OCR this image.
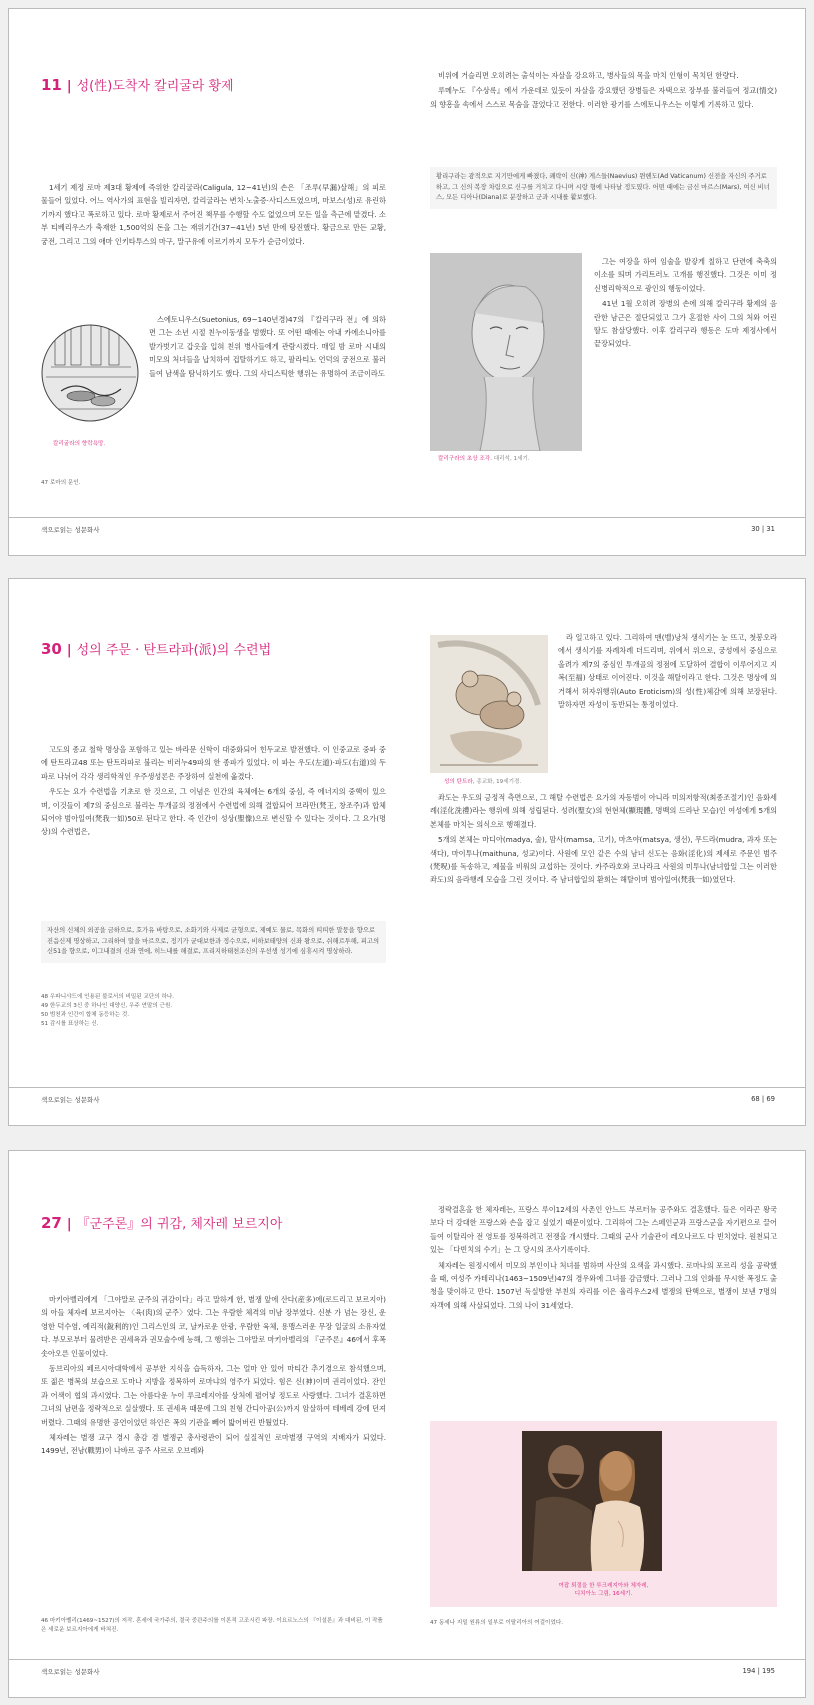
11 | 성(性)도착자 칼리굴라 황제

1세기 제정 로마 제3대 황제에 즉위한 칼리굴라(Caligula, 12~41년)의 손은 「조루(早漏)살해」의 피로 물들어 있었다. 어느 역사가의 표현을 빌리자면, 칼리굴라는 변치·노출증·사디스트였으며, 마보스(성)로 유린하기까지 했다고 폭로하고 있다. 로마 황제로서 주어진 책무를 수행할 수도 없었으며 모든 일을 측근에 맡겼다. 소부 티베리우스가 축재한 1,500억의 돈을 그는 재위기간(37~41년) 5년 만에 탕진했다. 황금으로 만든 교황, 궁전, 그리고 그의 애마 인키타투스의 마구, 말구유에 이르기까지 모두가 순금이었다.

스에토니우스(Suetonius, 69~140년경)47의 『칼리구라 전』에 의하면 그는 소년 시절 친누이동생을 범했다. 또 어떤 때에는 아내 카에소니아를 발가벗기고 갑옷을 입혀 친위 병사들에게 관람시켰다. 매일 밤 로마 시내의 미모의 처녀들을 납치하여 겁탈하기도 하고, 팔라티노 언덕의 궁전으로 불러들여 남색을 탐닉하기도 했다. 그의 사디스틱한 행위는 유명하여 조금이라도

칼리굴라의 향락욕망.
47 로마의 문인.

비위에 거슬리면 오히려는 출석이는 자살을 강요하고, 병사들의 목을 마치 인형이 목치던 한량다.

루메누도 『수상록』에서 가운데로 있듯이 자살을 강요했던 장병들은 자택으로 장부를 불러들여 정교(情交)의 향흥을 속에서 스스로 목숨을 끊었다고 전한다. 이러한 광기를 스에토니우스는 이렇게 기록하고 있다.

황리구라는 광적으로 지기만에게 빠졌다, 쾌락이 신(神) 게스들(Naevius) 뮌헨도(Ad Vaticanum) 신전을 자신의 주거로 하고, 그 신의 복장 차림으로 신구를 거치고 다니며 시랑 형에 나타날 정도였다. 어떤 때에는 금신 마르스(Mars), 여신 비너스, 모든 디아나(Diana)로 분장하고 군과 시내를 활보했다.
칼리구라의 초상 조각. 대리석, 1세기.

그는 여장을 하여 임술을 발갛게 칠하고 단련에 축축의 이소를 띄며 가리트러노 고개를 행진했다. 그것은 이미 정신병리학적으로 광인의 행동이었다.

41년 1월 오히려 장병의 손에 의해 칼리구라 황제의 음란한 남근은 절단되었고 그가 혼절한 사이 그의 처와 어린 딸도 참살당했다. 이후 칼리구라 행동은 도마 제정사에서 끝장되었다.

색으로읽는 성문화사	30 | 31
30 | 성의 주문 · 탄트라파(派)의 수련법

고도의 종교 철학 명상을 포함하고 있는 바라문 신학이 대중화되어 힌두교로 발전했다. 이 인중교로 중파 중에 탄트라교48 또는 탄트라파로 불리는 비러누49파의 한 종파가 있었다. 이 파는 우도(左道)·파도(右道)의 두 파로 나뉘어 각각 생리학적인 우주생성론은 주장하여 실천에 옮겼다.

우도는 요가 수련법을 기초로 한 것으로, 그 이념은 인간의 육체에는 6개의 중심, 즉 에너지의 중핵이 있으며, 이것들이 제7의 중심으로 불리는 투개골의 정점에서 수련법에 의해 결합되어 브라만(梵王, 창조주)과 합체되어야 범아일여(梵我一如)50로 된다고 한다. 즉 인간이 성상(聖像)으로 변신할 수 있다는 것이다. 그 요가(명상)의 수련법은,

자산의 신체의 외공을 금하으로, 호가유 바탕으로, 소화기와 사제로 균형으로, 제예도 물로, 목화의 띠띠한 말뭉을 향으로 진음신제 명상하고, 그리하여 말을 마르으로, 정기가 균대보한과 정수으로, 비하보태양의 신좌 왕으로, 쉬해르투해, 피고의 신51을 향으로, 이그내결의 신좌 연에, 히느내를 해결로, 프리지하태천조신의 우선생 성기에 심휴시켜 명상하라.
48 우파니샤드에 인용된 불로서의 비밀된 교단의 하나.
49 한두교의 3신 중 하나인 대양신, 우주 연말의 근원.
50 범천과 인간이 합체 동등하는 것.
51 감시를 표상하는 신.
성의 탄트라, 종교화, 19세기경.

라 일고하고 있다. 그리하여 맨(벨)낭처 생식기는 눈 뜨고, 첫봉오라에서 생식기를 자례차례 더드리며, 위에서 위으로, 궁성에서 중심으로 올려가 제7의 중심인 투개골의 정점에 도달하여 결합이 이루어지고 지복(至福) 상태로 이어진다. 이것을 해탈이라고 한다. 그것은 명상에 의거해서 허자위행위(Auto Eroticism)의 성(性)체감에 의해 보장된다. 말하자면 자성이 동반되는 통정이었다.

좌도는 우도의 긍정적 측면으로, 그 해탈 수련법은 요가의 자동범이 아니라 미의저항적(최종조절기)인 음화세례(淫化洗禮)라는 행위에 의해 성립된다. 성려(聖女)의 현현체(顯現體, 명백의 드라난 모습)인 여성에게 5개의 본체를 마치는 의식으로 행해졌다.

5개의 본체는 마디아(madya, 술), 맘사(mamsa, 고기), 마츠야(matsya, 생선), 무드라(mudra, 과자 또는 색다), 마이투나(maithuna, 성교)이다. 사원에 모인 같은 수의 남녀 신도는 음화(淫化)의 제세로 주문인 범주(梵呪)를 독송하고, 제물을 비워의 교섭하는 것이다. 카주라호와 코나라크 사원의 미투나(남녀합일 그는 이러한 좌도)의 음라행례 모습을 그린 것이다. 즉 남녀합일의 환희는 해탈이며 범아일여(梵我一如)였던다.

색으로읽는 성문화사	68 | 69
27 | 『군주론』의 귀감, 체자레 보르지아

마키아벨리에게 「그야말로 군주의 귀감이다」라고 말하게 한, 별쟁 앞에 산다(産多)에(로드리고 보르지아)의 아들 체자레 보르지아는 〈육(肉)의 군주〉였다. 그는 우람한 체격의 미남 장부였다. 신분 가 넘는 장신, 운영한 덕수염, 예리적(銳利的)인 그리스인의 코, 날카로운 안광, 우람한 육체, 용맹스러운 무장 일굴의 소유자였다. 부모로부터 물려받은 권세욕과 권모술수에 능해, 그 행위는 그야말로 마키아벨리의 『군주론』46에서 후폭 솟아오른 인물이었다.

동브리아의 페르시아대학에서 공부한 지식을 습득하자, 그는 얼마 안 있어 마티간 추기경으로 참석했으며, 또 젊은 병복의 보습으로 도마나 지방을 정복하여 로마냐의 영주가 되었다. 힘은 신(神)이며 권리이었다. 잔인과 어색이 협의 과시였다. 그는 아름다운 누이 루크레지아를 상처에 펼어넣 정도로 사랑했다. 그녀가 결혼하면 그녀의 남편을 정략적으로 실살했다. 또 권세욕 때문에 그의 친형 간디아공(公)까지 암살하여 테베레 강에 던져버렸다. 그때의 유명한 공언이었던 하인은 폭의 기관을 뻬어 밟어버린 반퉜었다.

체자레는 별쟁 교구 경시 총감 겸 별쟁군 총사령관이 되어 실질적인 로마별쟁 구역의 지배자가 되었다. 1499년, 전남(戰男)이 나바르 공주 샤르로 오브레와

46 마키아벨리(1469~1527)의 저작. 혼세에 국가주의, 결국 중관주의를 이론적 고조시킨 파장. 이요르노스의 『이설론』과 대비된, 이 작품은 새로운 보르지아에게 바쳐진.

정략결혼을 한 체자레는, 프랑스 루이12세의 사촌인 안느드 부르터뉴 공주와도 결혼했다. 들은 이라곤 왕국보다 더 강대한 프랑스와 손을 잡고 싶었기 때문이었다. 그리하여 그는 스페인군과 프랑스군을 자기편으로 끌어들여 이탈리아 전 영토를 정복하려고 전쟁을 개시했다. 그때의 군사 기술관이 레오나르도 다 빈치였다. 원천되고 있는 「다빈치의 수기」는 그 당시의 조사기록이다.

체자레는 원정시에서 미모의 부인이나 처녀를 범하며 사산의 요색을 과시했다. 로마나의 포르리 성을 공략했을 때, 여성주 카테리나(1463~1509년)47의 경우와에 그녀를 감금했다. 그러나 그의 인화를 무시한 폭정도 출청을 맞이하고 만다. 1507년 독실방한 부친의 자리를 이은 율리우스2세 별쟁의 탄핵으로, 별쟁이 보낸 7명의 자객에 의해 사살되었다. 그의 나이 31세였다.

여잡 퇴절을 한 루크레지아와 체자레,
디치아노 그림, 16세기.
47 동세나 지밀 원류의 일부로 이탈리아의 여걸이었다.
색으로읽는 성문화사	194 | 195
